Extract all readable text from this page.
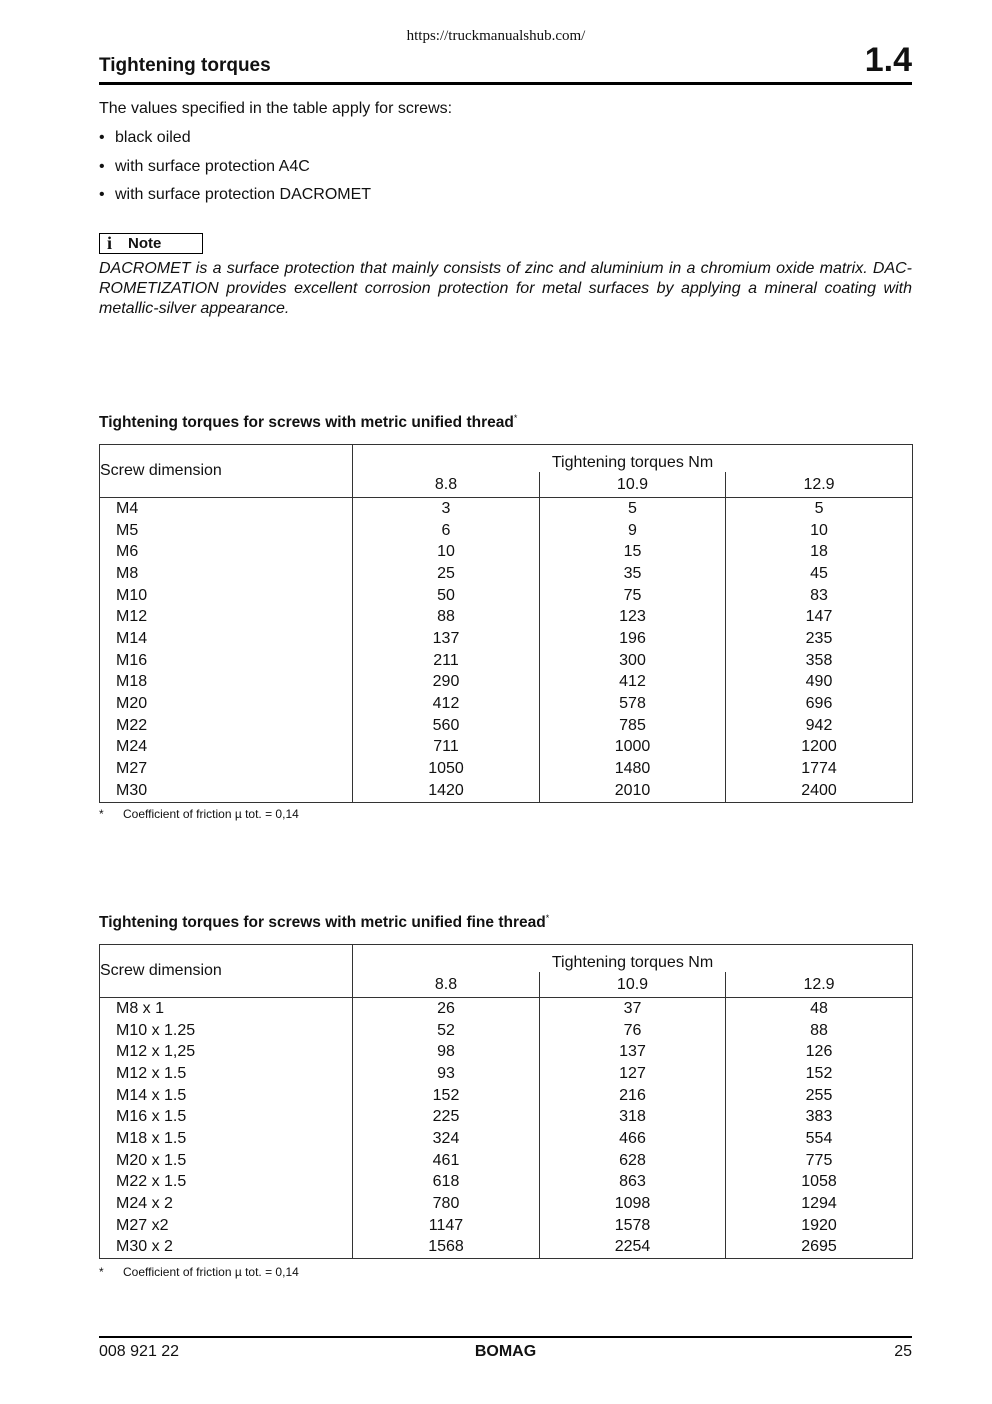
https://truckmanualshub.com/
Tightening torques	1.4
The values specified in the table apply for screws:
• black oiled
• with surface protection A4C
• with surface protection DACROMET
i Note
DACROMET is a surface protection that mainly consists of zinc and aluminium in a chromium oxide matrix. DAC-ROMETIZATION provides excellent corrosion protection for metal surfaces by applying a mineral coating with metallic-silver appearance.
Tightening torques for screws with metric unified thread*
Screw dimension	Tightening torques Nm		
	8.8	10.9	12.9
M4	3	5	5
M5	6	9	10
M6	10	15	18
M8	25	35	45
M10	50	75	83
M12	88	123	147
M14	137	196	235
M16	211	300	358
M18	290	412	490
M20	412	578	696
M22	560	785	942
M24	711	1000	1200
M27	1050	1480	1774
M30	1420	2010	2400
* Coefficient of friction µ tot. = 0,14
Tightening torques for screws with metric unified fine thread*
Screw dimension	Tightening torques Nm		
	8.8	10.9	12.9
M8 x 1	26	37	48
M10 x 1.25	52	76	88
M12 x 1,25	98	137	126
M12 x 1.5	93	127	152
M14 x 1.5	152	216	255
M16 x 1.5	225	318	383
M18 x 1.5	324	466	554
M20 x 1.5	461	628	775
M22 x 1.5	618	863	1058
M24 x 2	780	1098	1294
M27 x2	1147	1578	1920
M30 x 2	1568	2254	2695
* Coefficient of friction µ tot. = 0,14
008 921 22	BOMAG	25
